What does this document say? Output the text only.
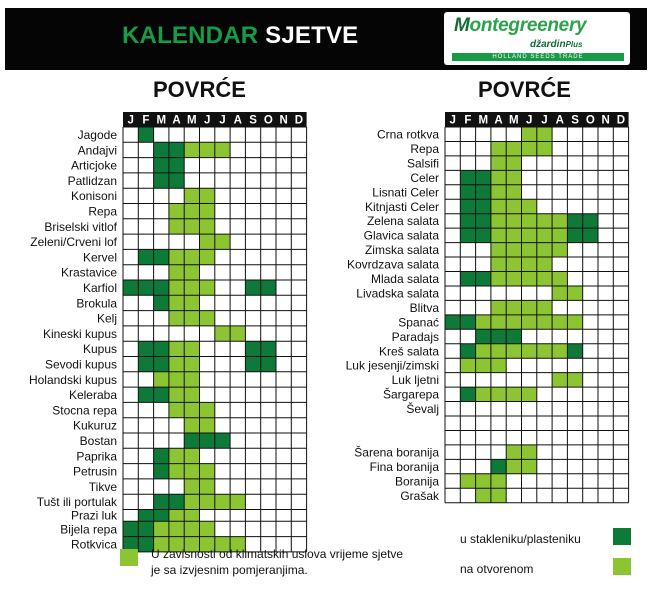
KALENDAR SJETVE	Montegreenery
džardinPlus
HOLLAND SEEDS TRADE
POVRĆE	POVRĆE
J F M A M J J A S O N D
Jagode
Andajvi
Articjoke
Patlidzan
Konisoni
Repa
Briselski vitlof
Zeleni/Crveni lof
Kervel
Krastavice
Karfiol
Brokula
Kelj
Kineski kupus
Kupus
Sevodi kupus
Holandski kupus
Keleraba
Stocna repa
Kukuruz
Bostan
Paprika
Petrusin
Tikve
Tušt ili portulak
Prazi luk
Bijela repa
Rotkvica
J F M A M J J A S O N D
Crna rotkva
Repa
Salsifi
Celer
Lisnati Celer
Kitnjasti Celer
Zelena salata
Glavica salata
Zimska salata
Kovrdzava salata
Mlada salata
Livadska salata
Blitva
Spanać
Paradajs
Kreš salata
Luk jesenji/zimski
Luk ljetni
Šargarepa
Ševalj
Šarena boranija
Fina boranija
Boranija
Grašak
U zavisnosti od klimatskih uslova vrijeme sjetve
je sa izvjesnim pomjeranjima.
u stakleniku/plasteniku
na otvorenom
